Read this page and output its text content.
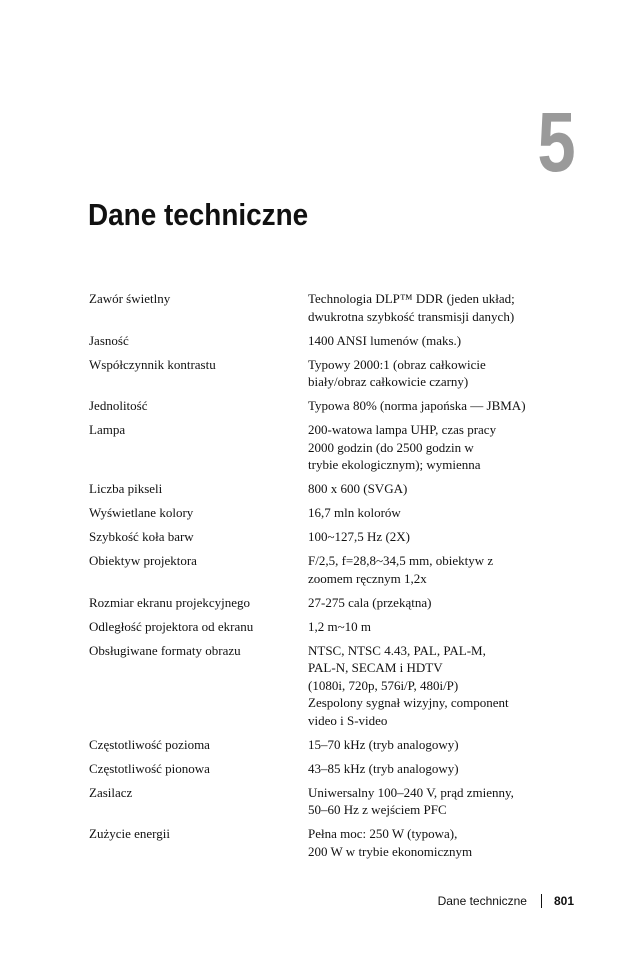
5
Dane techniczne
Zawór świetlny	Technologia DLP™ DDR (jeden układ;
dwukrotna szybkość transmisji danych)
Jasność	1400 ANSI lumenów (maks.)
Współczynnik kontrastu	Typowy 2000:1 (obraz całkowicie
biały/obraz całkowicie czarny)
Jednolitość	Typowa 80% (norma japońska — JBMA)
Lampa	200-watowa lampa UHP, czas pracy
2000 godzin (do 2500 godzin w
trybie ekologicznym); wymienna
Liczba pikseli	800 x 600 (SVGA)
Wyświetlane kolory	16,7 mln kolorów
Szybkość koła barw	100~127,5 Hz (2X)
Obiektyw projektora	F/2,5, f=28,8~34,5 mm, obiektyw z
zoomem ręcznym 1,2x
Rozmiar ekranu projekcyjnego	27-275 cala (przekątna)
Odległość projektora od ekranu	1,2 m~10 m
Obsługiwane formaty obrazu	NTSC, NTSC 4.43, PAL, PAL-M,
PAL-N, SECAM i HDTV
(1080i, 720p, 576i/P, 480i/P)
Zespolony sygnał wizyjny, component
video i S-video
Częstotliwość pozioma	15–70 kHz (tryb analogowy)
Częstotliwość pionowa	43–85 kHz (tryb analogowy)
Zasilacz	Uniwersalny 100–240 V, prąd zmienny,
50–60 Hz z wejściem PFC
Zużycie energii	Pełna moc: 250 W (typowa),
200 W w trybie ekonomicznym
Dane techniczne 801
